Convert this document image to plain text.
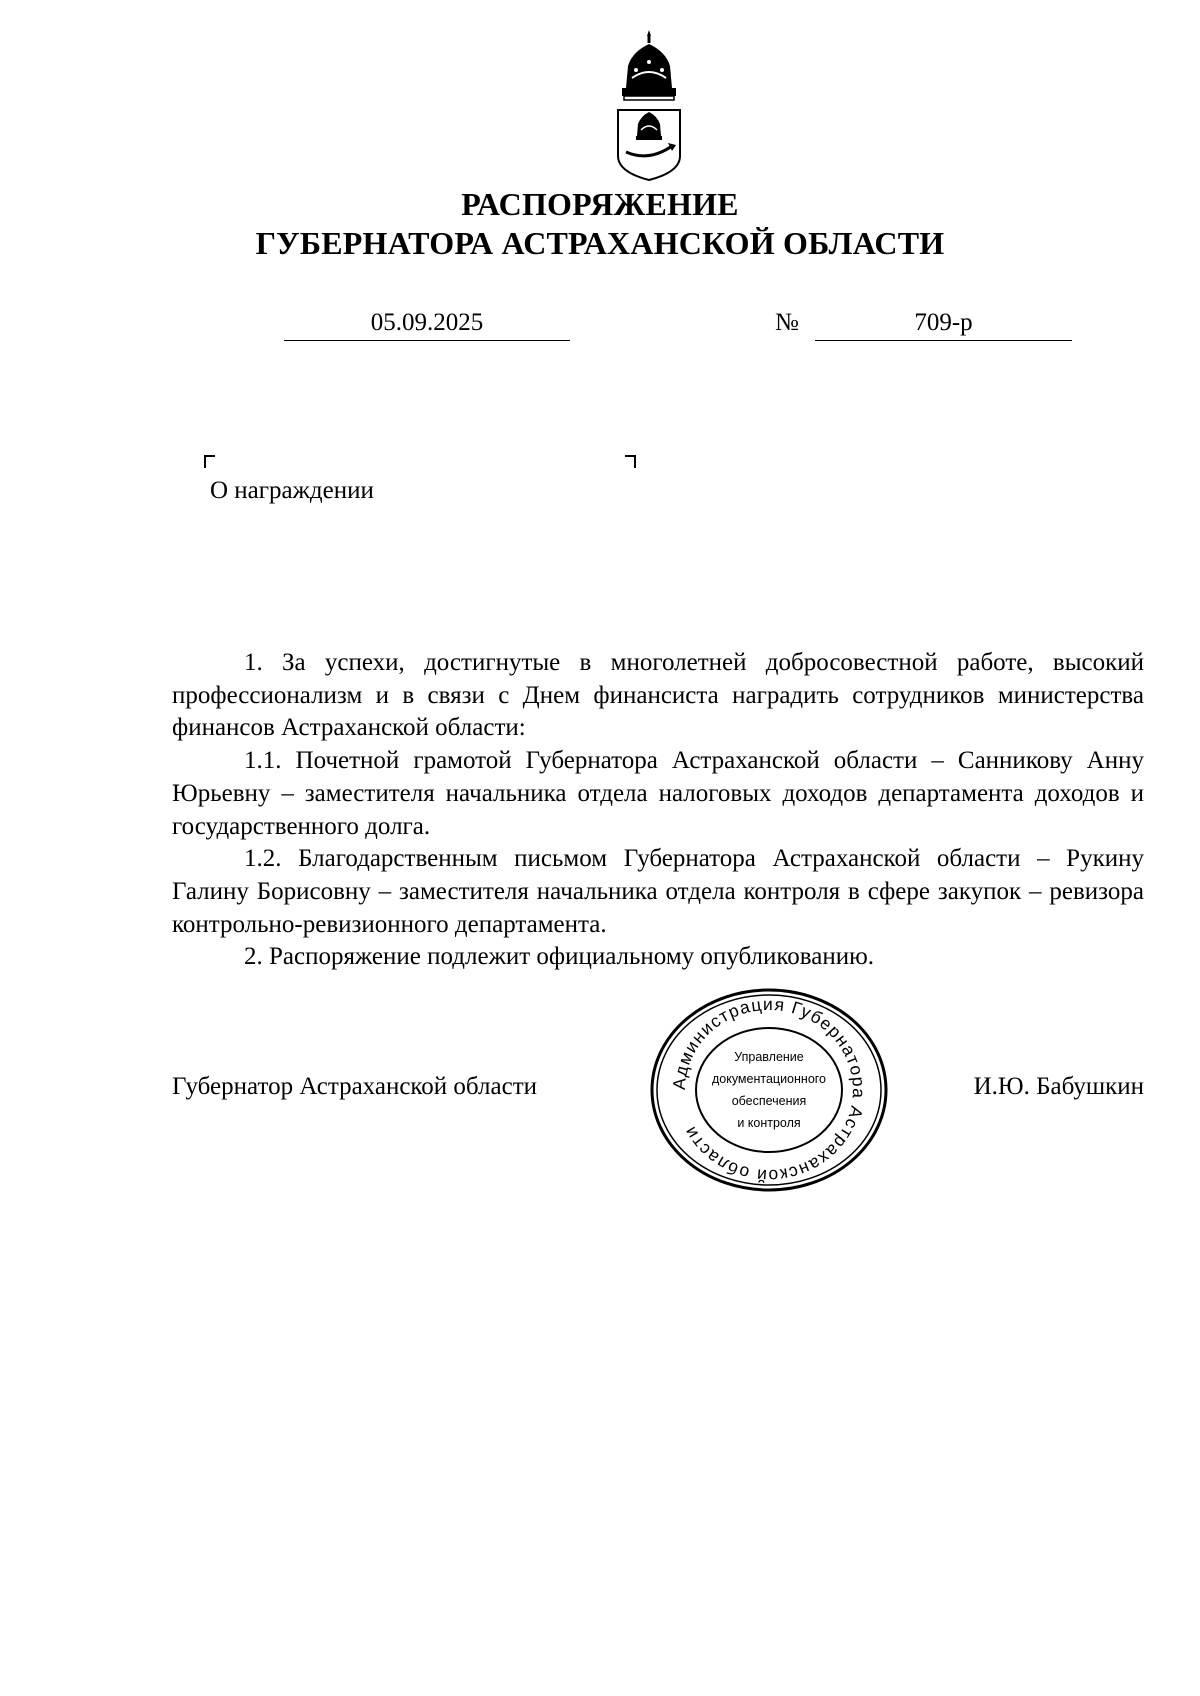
РАСПОРЯЖЕНИЕ
ГУБЕРНАТОРА АСТРАХАНСКОЙ ОБЛАСТИ
05.09.2025	№	709-р
О награждении

1. За успехи, достигнутые в многолетней добросовестной работе, высокий профессионализм и в связи с Днем финансиста наградить сотрудников министерства финансов Астраханской области:

1.1. Почетной грамотой Губернатора Астраханской области – Санникову Анну Юрьевну – заместителя начальника отдела налоговых доходов департамента доходов и государственного долга.

1.2. Благодарственным письмом Губернатора Астраханской области – Рукину Галину Борисовну – заместителя начальника отдела контроля в сфере закупок – ревизора контрольно-ревизионного департамента.

2. Распоряжение подлежит официальному опубликованию.

Губернатор Астраханской области	И.Ю. Бабушкин
Администрация Губернатора Астраханской области
Управление
документационного
обеспечения
и контроля
